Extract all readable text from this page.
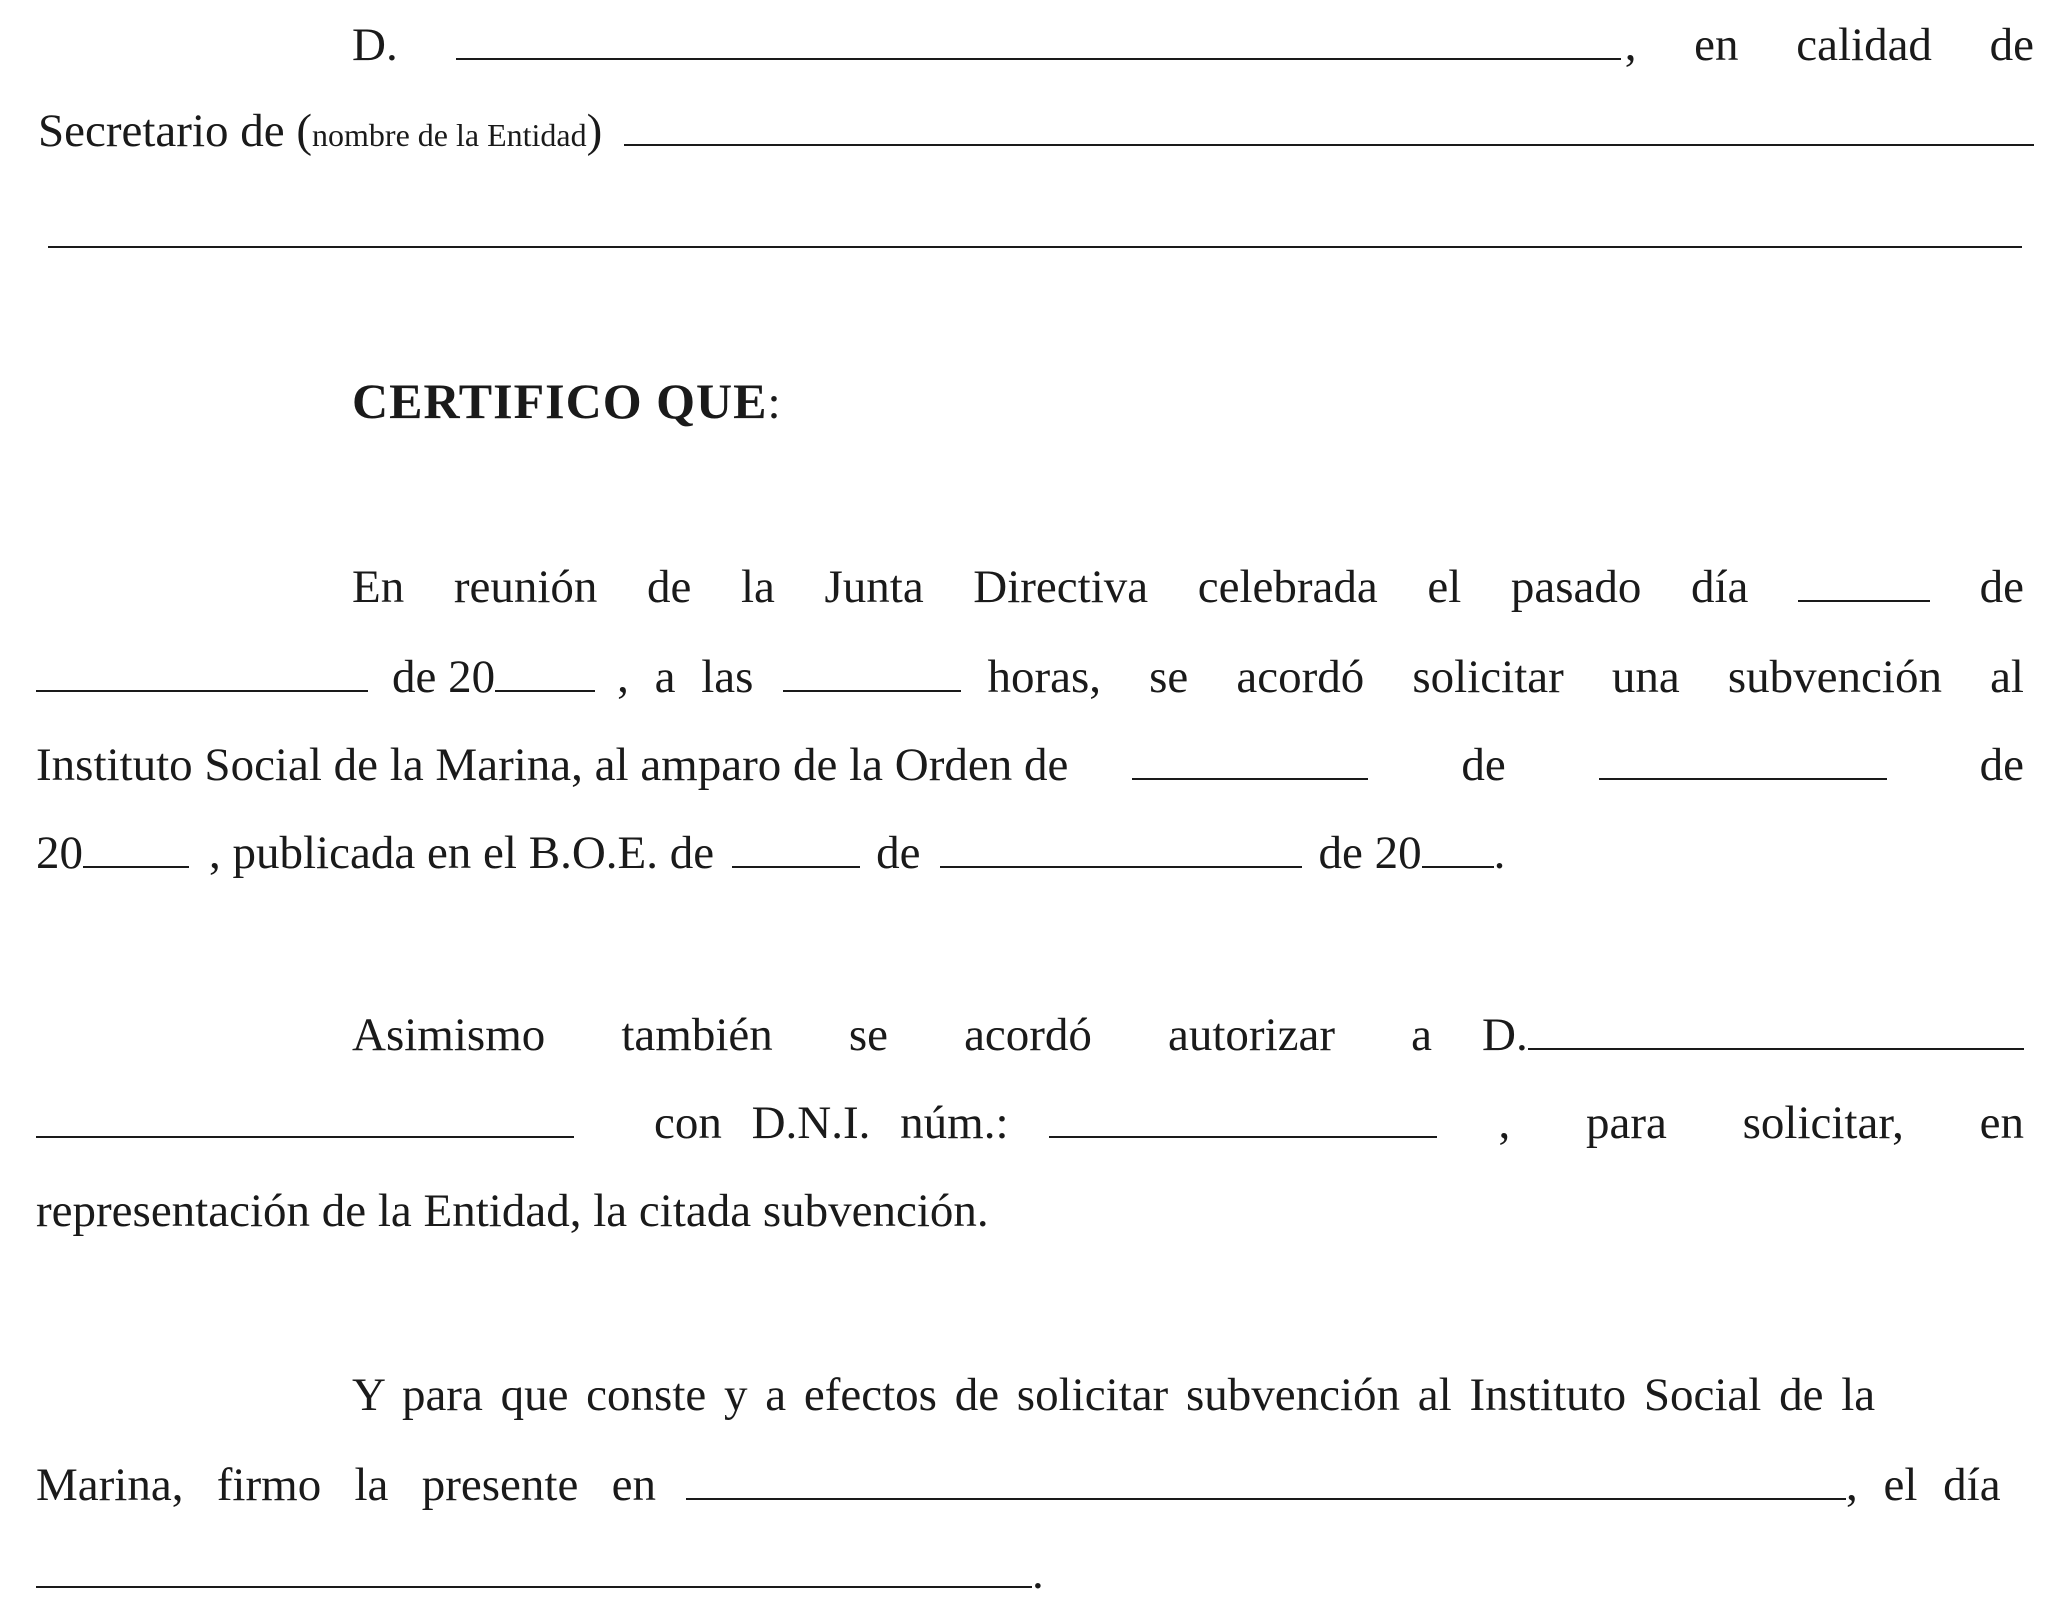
D.	, en calidad de
Secretario de ( nombre de la Entidad )
CERTIFICO QUE :
En reunión de la Junta Directiva celebrada el pasado día	de
de 20	, a las	horas, se acordó solicitar una subvención al
Instituto Social de la Marina, al amparo de la Orden de	de	de
20	, publicada en el B.O.E. de	de	de 20 .
Asimismo también se acordó autorizar a D.
con D.N.I. núm.:	, para solicitar, en
representación de la Entidad, la citada subvención.
Y para que conste y a efectos de solicitar subvención al Instituto Social de la
Marina, firmo la presente en	, el día
.
